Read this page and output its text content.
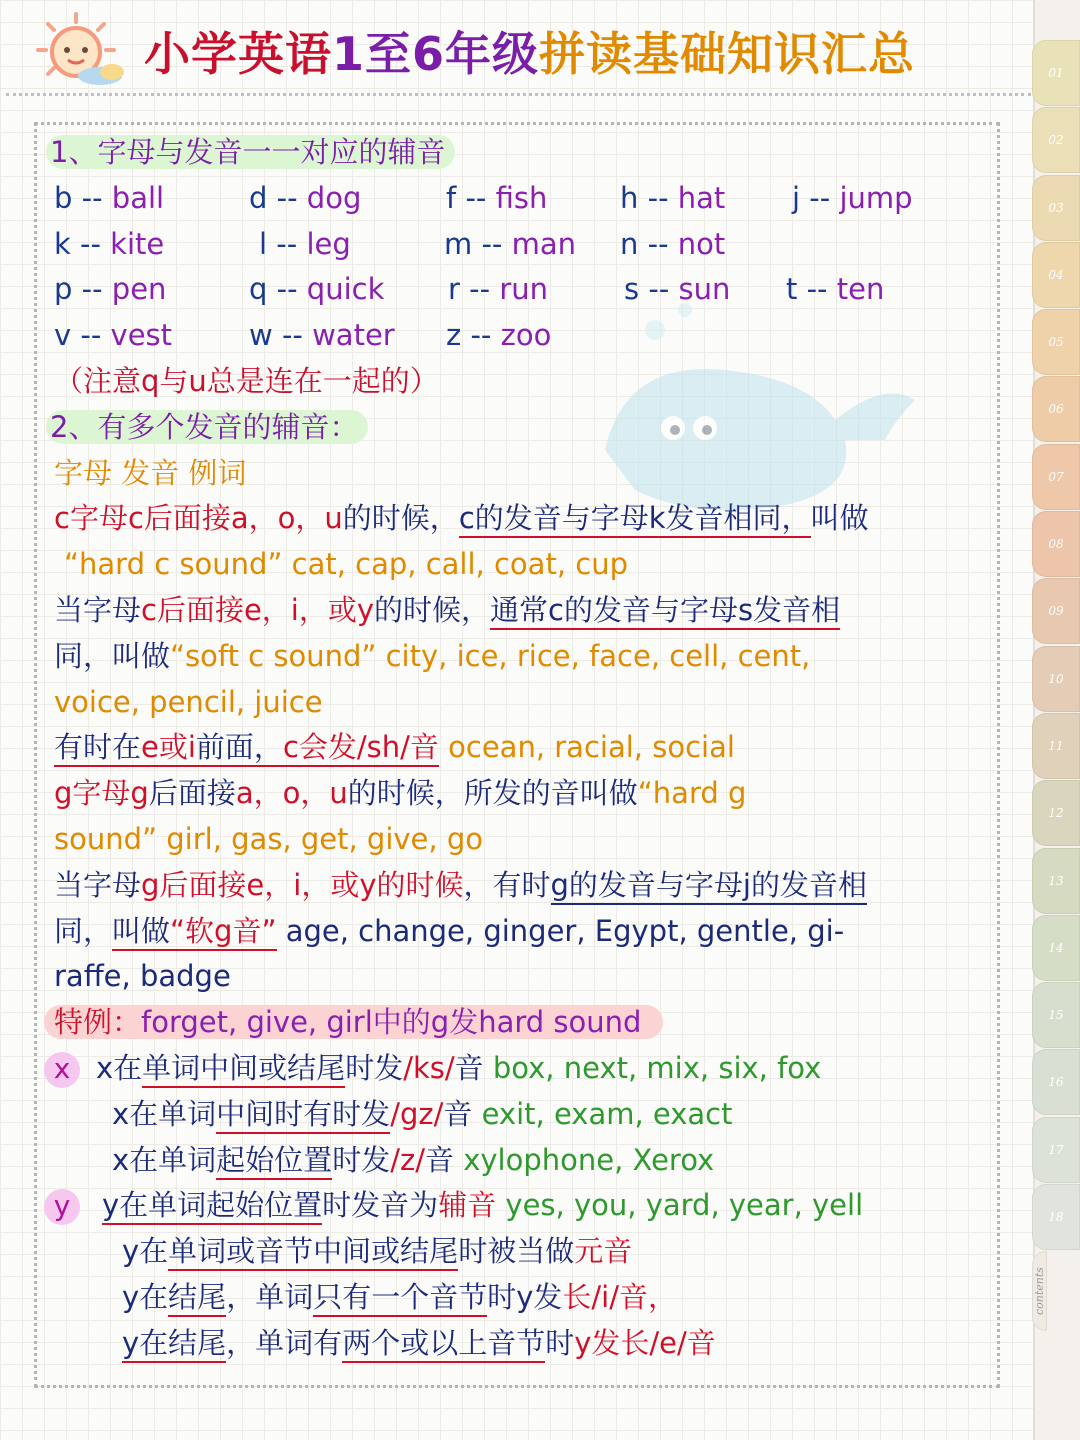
小学英语1至6年级拼读基础知识汇总
1、字母与发音一一对应的辅音
b -- ball	d -- dog	f -- fish	h -- hat j -- jump
k -- kite	l -- leg	m -- man n -- not
p -- pen	q -- quick r -- run	s -- sun t -- ten
v -- vest	w -- water z -- zoo
（注意q与u总是连在一起的）
2、有多个发音的辅音：
字母 发音 例词
c字母c后面接a，o，u的时候，c的发音与字母k发音相同，叫做
“hard c sound” cat, cap, call, coat, cup
当字母c后面接e，i，或y的时候，通常c的发音与字母s发音相
同，叫做“soft c sound” city, ice, rice, face, cell, cent,
voice, pencil, juice
有时在e或i前面，c会发/sh/音 ocean, racial, social
g字母g后面接a，o，u的时候，所发的音叫做“hard g
sound” girl, gas, get, give, go
当字母g后面接e，i，或y的时候，有时g的发音与字母j的发音相
同，叫做“软g音” age, change, ginger, Egypt, gentle, gi-
raffe, badge
特例：forget, give, girl中的g发hard sound
x x在单词中间或结尾时发/ks/音 box, next, mix, six, fox
x在单词中间时有时发/gz/音 exit, exam, exact
x在单词起始位置时发/z/音 xylophone, Xerox
y y在单词起始位置时发音为辅音 yes, you, yard, year, yell
y在单词或音节中间或结尾时被当做元音
y在结尾，单词只有一个音节时y发长/i/音，
y在结尾，单词有两个或以上音节时y发长/e/音
01
02
03
04
05
06
07
08
09
10
11
12
13
14
15
16
17
18
contents
